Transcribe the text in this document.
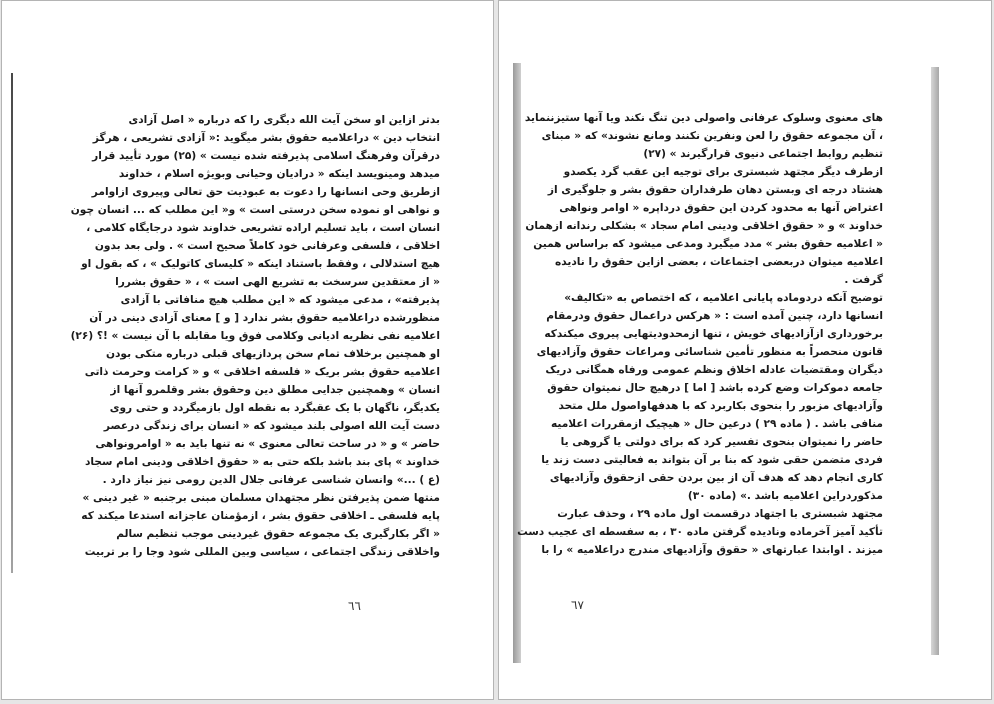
بدتر ازاین او سخن آیت الله دیگری را که درباره « اصل آزادی
انتخاب دین » دراعلامیه حقوق بشر میگوید :« آزادی تشریعی ، هرگز
درقرآن وفرهنگ اسلامی پذیرفته شده نیست » (۲۵) مورد تأیید قرار
میدهد ومینویسد اینکه « درادیان وحیانی وبویژه اسلام ، خداوند
ازطریق وحی انسانها را دعوت به عبودیت حق تعالی وپیروی ازاوامر
و نواهی او نموده سخن درستی است » و« این مطلب که ... انسان چون
انسان است ، باید تسلیم اراده تشریعی خداوند شود درجایگاه کلامی ،
اخلاقی ، فلسفی وعرفانی خود کاملاً صحیح است » . ولی بعد بدون
هیچ استدلالی ، وفقط باستناد اینکه « کلیسای کاتولیک » ، که بقول او
« از معتقدین سرسخت به تشریع الهی است » ، « حقوق بشررا
پذیرفته» ، مدعی میشود که « این مطلب هیچ منافاتی با آزادی
منظورشده دراعلامیه حقوق بشر ندارد [ و ] معنای آزادی دینی در آن
اعلامیه نفی نظریه ادیانی وکلامی فوق ویا مقابله با آن نیست » !؟ (۲۶)
او همچنین برخلاف تمام سخن پردازیهای قبلی درباره متکی بودن
اعلامیه حقوق بشر بریک « فلسفه اخلاقی » و « کرامت وحرمت ذاتی
انسان » وهمچنین جدایی مطلق دین وحقوق بشر وقلمرو آنها از
یکدیگر، ناگهان با یک عقبگرد به نقطه اول بازمیگردد و حتی روی
دست آیت الله اصولی بلند میشود که « انسان برای زندگی درعصر
حاضر » و « در ساحت تعالی معنوی » نه تنها باید به « اوامرونواهی
خداوند » پای بند باشد بلکه حتی به « حقوق اخلاقی ودینی امام سجاد
(ع ) ...» وانسان شناسی عرفانی جلال الدین رومی نیز نیاز دارد .
منتها ضمن پذیرفتن نظر مجتهدان مسلمان مبنی برجنبه « غیر دینی »
پایه فلسفی ـ اخلاقی حقوق بشر ، ازمؤمنان عاجزانه استدعا میکند که
« اگر بکارگیری یک مجموعه حقوق غیردینی موجب تنظیم سالم
واخلاقی زندگی اجتماعی ، سیاسی وبین المللی شود وجا را بر تربیت
٦٦
های معنوی وسلوک عرفانی واصولی دین تنگ نکند ویا آنها ستیزننماید
، آن مجموعه حقوق را لعن ونفرین نکنند ومانع نشوند» که « مبنای
تنظیم روابط اجتماعی دنیوی قرارگیرند » (۲۷)
ازطرف دیگر مجتهد شبستری برای توجیه این عقب گرد یکصدو
هشتاد درجه ای وبستن دهان طرفداران حقوق بشر و جلوگیری از
اعتراض آنها به محدود کردن این حقوق درداپره « اوامر ونواهی
خداوند » و « حقوق اخلاقی ودینی امام سجاد » بشکلی رندانه ازهمان
« اعلامیه حقوق بشر » مدد میگیرد ومدعی میشود که براساس همین
اعلامیه میتوان دربعضی اجتماعات ، بعضی ازاین حقوق را نادیده
گرفت .
توضیح آنکه دردوماده پایانی اعلامیه ، که اختصاص به «تکالیف»
انسانها دارد، چنین آمده است : « هرکس دراعمال حقوق ودرمقام
برخورداری ازآزادیهای خویش ، تنها ازمحدودیتهایی پیروی میکندکه
قانون منحصراً به منظور تأمین شناسائی ومراعات حقوق وآزادیهای
دیگران ومقتضیات عادله اخلاق ونظم عمومی ورفاه همگانی دریک
جامعه دموکرات وضع کرده باشد [ اما ] درهیچ حال نمیتوان حقوق
وآزادیهای مزبور را بنحوی بکاربرد که با هدفهاواصول ملل متحد
منافی باشد . ( ماده ۲۹ ) درعین حال « هیچیک ازمقررات اعلامیه
حاضر را نمیتوان بنحوی تفسیر کرد که برای دولتی یا گروهی یا
فردی متضمن حقی شود که بنا بر آن بتواند به فعالیتی دست زند یا
کاری انجام دهد که هدف آن از بین بردن حقی ازحقوق وآزادیهای
مذکوردراین اعلامیه باشد .» (ماده ۳۰)
مجتهد شبستری با اجتهاد درقسمت اول ماده ۲۹ ، وحذف عبارت
تأکید آمیز آخرماده ونادیده گرفتن ماده ۳۰ ، به سفسطه ای عجیب دست
میزند . اوابتدا عبارتهای « حقوق وآزادیهای مندرج دراعلامیه » را با
٦٧
